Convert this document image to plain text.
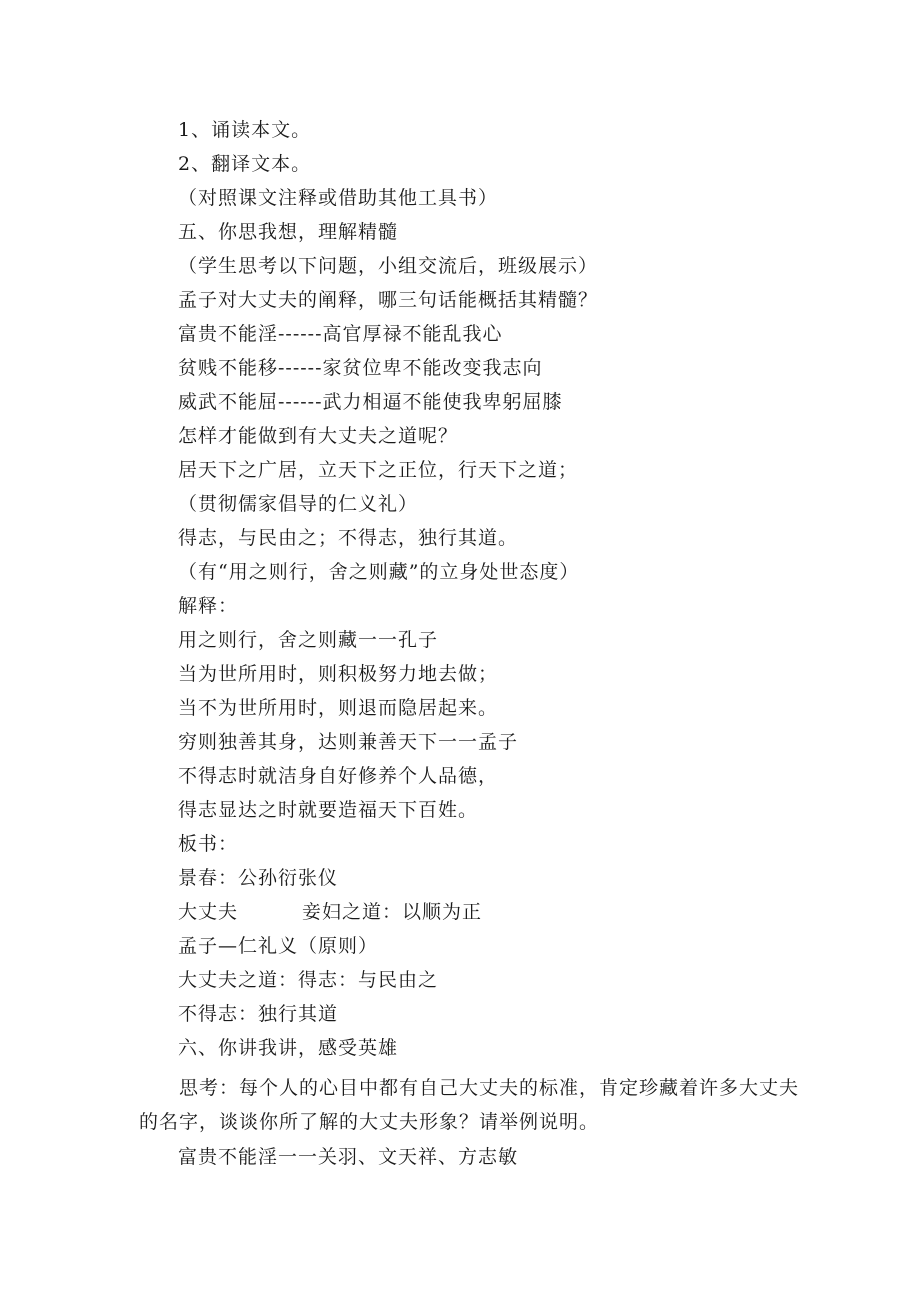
1、诵读本文。
2、翻译文本。
（对照课文注释或借助其他工具书）
五、你思我想，理解精髓
（学生思考以下问题，小组交流后，班级展示）
孟子对大丈夫的阐释，哪三句话能概括其精髓？
富贵不能淫------高官厚禄不能乱我心
贫贱不能移------家贫位卑不能改变我志向
威武不能屈------武力相逼不能使我卑躬屈膝
怎样才能做到有大丈夫之道呢？
居天下之广居，立天下之正位，行天下之道；
（贯彻儒家倡导的仁义礼）
得志，与民由之；不得志，独行其道。
（有“用之则行，舍之则藏”的立身处世态度）
解释：
用之则行，舍之则藏一一孔子
当为世所用时，则积极努力地去做；
当不为世所用时，则退而隐居起来。
穷则独善其身，达则兼善天下一一孟子
不得志时就洁身自好修养个人品德，
得志显达之时就要造福天下百姓。
板书：
景春：公孙衍张仪
大丈夫	妾妇之道：以顺为正
孟子—仁礼义（原则）
大丈夫之道：得志：与民由之
不得志：独行其道
六、你讲我讲，感受英雄
思考：每个人的心目中都有自己大丈夫的标准，肯定珍藏着许多大丈夫的名字，谈谈你所了解的大丈夫形象？请举例说明。
富贵不能淫一一关羽、文天祥、方志敏
